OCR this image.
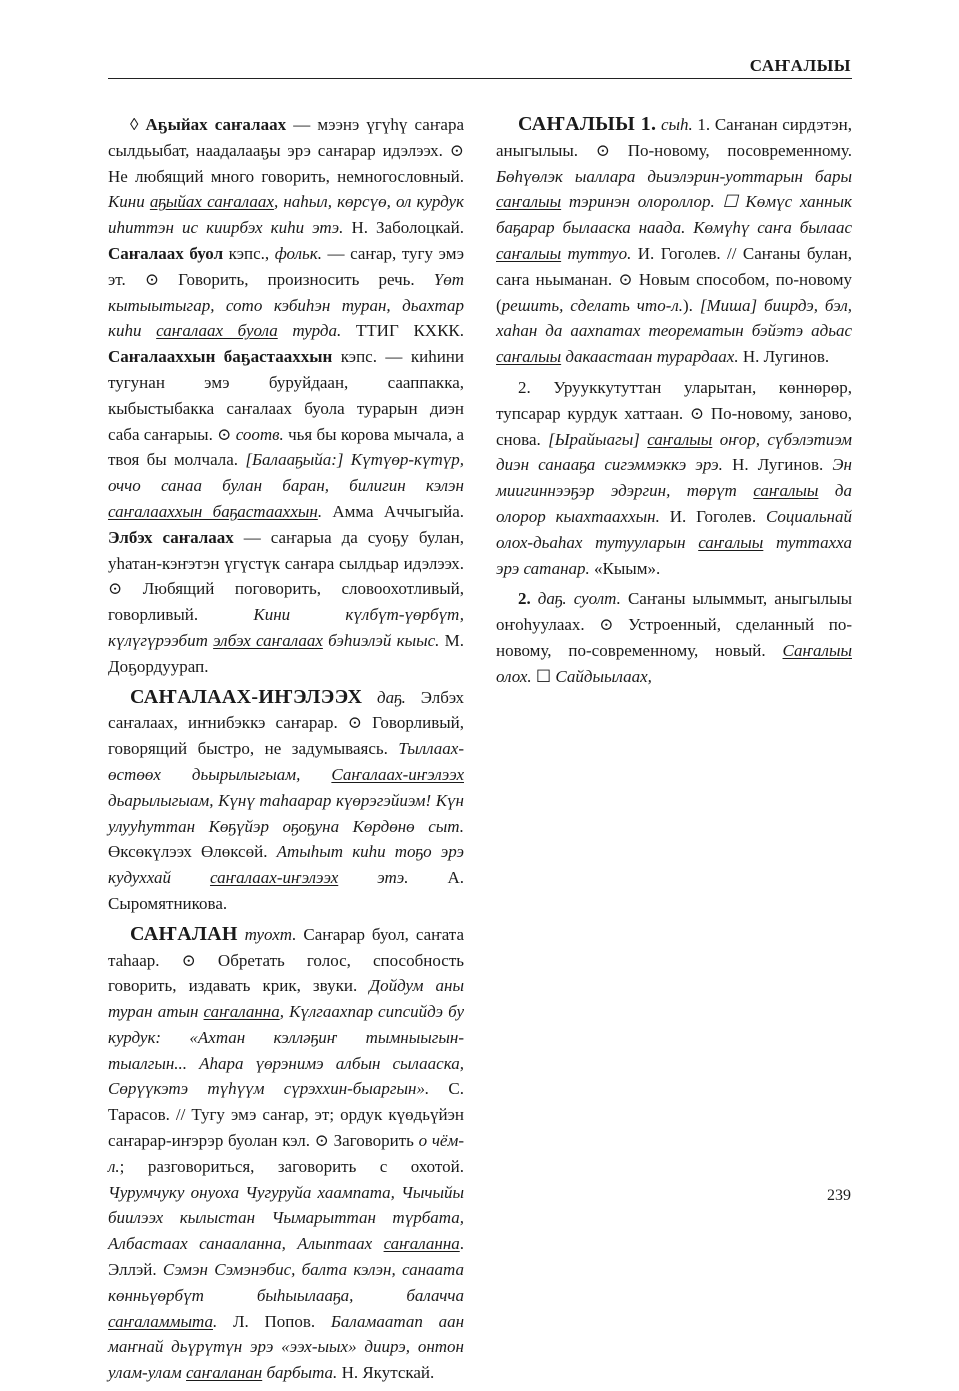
САҤАЛЫЫ

◊ Аҕыйах саҥалаах — мээнэ үгүһү саҥара сылдьыбат, наадалааҕы эрэ саҥарар идэлээх. ⊙ Не любящий много говорить, немногословный. Кини аҕыйах саҥалаах, наһыл, көрсүө, ол курдук иһиттэн ис киирбэх киһи этэ. Н. Заболоцкай. Саҥалаах буол кэпс., фольк. — саҥар, тугу эмэ эт. ⊙ Говорить, произносить речь. Үөт кытыытыгар, сото кэбиһэн туран, дьахтар киһи саҥалаах буола турда. ТТИГ КХКК. Саҥалааххын баҕастааххын кэпс. — киһини тугунан эмэ буруйдаан, сааппакка, кыбыстыбакка саҥалаах буола турарын диэн саба саҥарыы. ⊙ соотв. чья бы корова мычала, а твоя бы молчала. [Балааҕыйа:] Күтүөр-күтүр, оччо санаа булан баран, билигин кэлэн саҥалааххын баҕастааххын. Амма Аччыгыйа. Элбэх саҥалаах — саҥарыа да суоҕу булан, уһатан-кэҥэтэн үгүстүк саҥара сылдьар идэлээх. ⊙ Любящий поговорить, словоохотливый, говорливый. Кини күлбүт-үөрбүт, күлүгүрээбит элбэх саҥалаах бэһиэлэй кыыс. М. Доҕордуурап.

САҤАЛААХ-ИҤЭЛЭЭХ даҕ. Элбэх саҥалаах, иҥнибэккэ саҥарар. ⊙ Говорливый, говорящий быстро, не задумываясь. Тыллаах-өстөөх дьырылыгыам, Саҥалаах-иҥэлээх дьарылыгыам, Күнү таһаарар күөрэгэйиэм! Күн улууһуттан Көҕүйэр оҕоҕуна Көрдөнө сыт. Өксөкүлээх Өлөксөй. Атыһыт киһи тоҕо эрэ кудуххай саҥалаах-иҥэлээх этэ. А. Сыромятникова.

САҤАЛАН туохт. Саҥарар буол, саҥата таһаар. ⊙ Обретать голос, способность говорить, издавать крик, звуки. Дойдум аны туран атын саҥаланна, Күлгаахпар сипсийдэ бу курдук: «Ахтан кэлләҕиҥ тымныыгын-тыалгын... Аһара үөрэнимэ албын сылааска, Сөрүүкэтэ түһүүм сүрэххин-быаргын». С. Тарасов. // Тугу эмэ саҥар, эт; ордук күөдьүйэн саҥарар-иҥэрэр буолан кэл. ⊙ Заговорить о чём-л.; разговориться, заговорить с охотой. Чурумчуку онуоха Чугуруйа хаампата, Чычыйы биилээх кылыстан Чымарыттан түрбата, Албастаах санааланна, Алыптаах саҥаланна. Эллэй. Сэмэн Сэмэнэбис, балта кэлэн, санаата көнньүөрбүт быһыылааҕа, балачча саҥаламмыта. Л. Попов. Баламаатап аан маҥнай дьүрүтүн эрэ «ээх-ыых» диирэ, онтон улам-улам саҥаланан барбыта. Н. Якутскай.

САҤАЛЫЫ 1. сыһ. 1. Саҥанан сирдэтэн, аныгылыы. ⊙ По-новому, посовременному. Бөһүөлэк ыаллара дьиэлэрин-уоттарын бары саҥалыы тэринэн олороллор. ☐ Көмүс ханнык баҕарар былааска наада. Көмүһү саҥа былаас саҥалыы туттуо. И. Гоголев. // Саҥаны булан, саҥа ньыманан. ⊙ Новым способом, по-новому (решить, сделать что-л.). [Миша] биирдэ, бэл, хаһан да аахпатах теорематын бэйэтэ адьас саҥалыы дакаастаан турардаах. Н. Лугинов.

2. Урууккутуттан уларытан, көннөрөр, тупсарар курдук хаттаан. ⊙ По-новому, заново, снова. [Ырайыагы] саҥалыы оҥор, сүбэлэтиэм диэн санааҕа сигэммэккэ эрэ. Н. Лугинов. Эн миигиннээҕэр эдэргин, төрүт саҥалыы да олорор кыахтааххын. И. Гоголев. Социальнай олох-дьаһах тутууларын саҥалыы туттахха эрэ сатанар. «Кыым».

2. даҕ. суолт. Саҥаны ылыммыт, аныгылыы оҥоһуулаах. ⊙ Устроенный, сделанный по-новому, по-современному, новый. Саҥалыы олох. ☐ Сайдыылаах,

239
